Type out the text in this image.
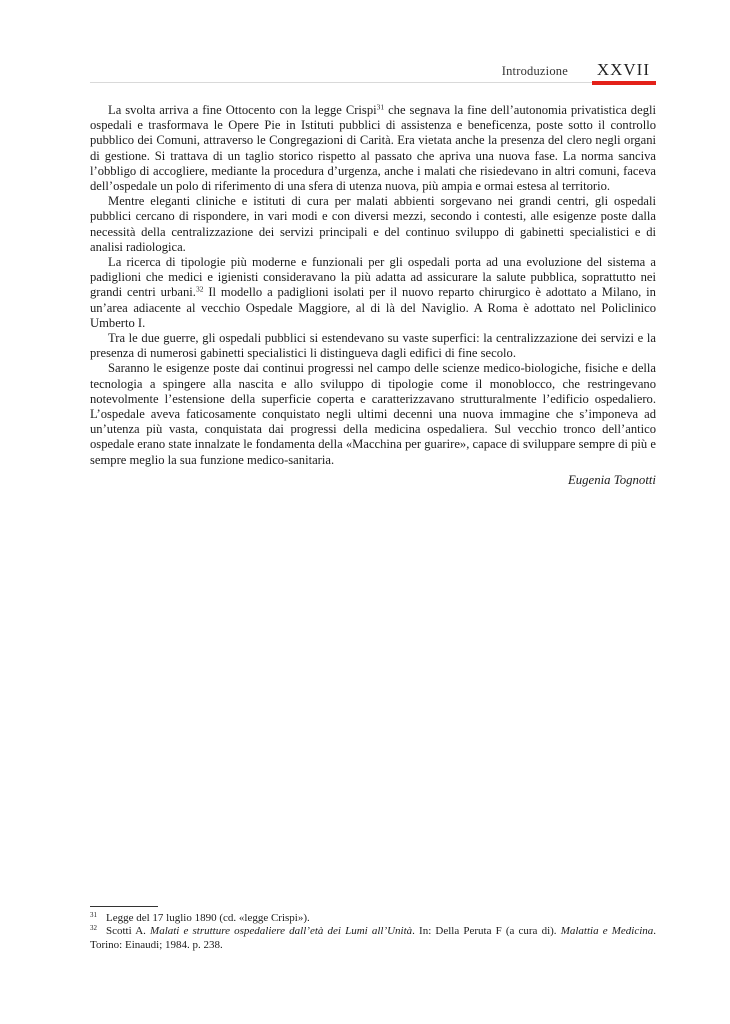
Introduzione XXVII

La svolta arriva a fine Ottocento con la legge Crispi$^{31}$ che segnava la fine dell’autonomia privatistica degli ospedali e trasformava le Opere Pie in Istituti pubblici di assistenza e beneficenza, poste sotto il controllo pubblico dei Comuni, attraverso le Congregazioni di Carità. Era vietata anche la presenza del clero negli organi di gestione. Si trattava di un taglio storico rispetto al passato che apriva una nuova fase. La norma sanciva l’obbligo di accogliere, mediante la procedura d’urgenza, anche i malati che risiedevano in altri comuni, faceva dell’ospedale un polo di riferimento di una sfera di utenza nuova, più ampia e ormai estesa al territorio.

Mentre eleganti cliniche e istituti di cura per malati abbienti sorgevano nei grandi centri, gli ospedali pubblici cercano di rispondere, in vari modi e con diversi mezzi, secondo i contesti, alle esigenze poste dalla necessità della centralizzazione dei servizi principali e del continuo sviluppo di gabinetti specialistici e di analisi radiologica.

La ricerca di tipologie più moderne e funzionali per gli ospedali porta ad una evoluzione del sistema a padiglioni che medici e igienisti consideravano la più adatta ad assicurare la salute pubblica, soprattutto nei grandi centri urbani.$^{32}$ Il modello a padiglioni isolati per il nuovo reparto chirurgico è adottato a Milano, in un’area adiacente al vecchio Ospedale Maggiore, al di là del Naviglio. A Roma è adottato nel Policlinico Umberto I.

Tra le due guerre, gli ospedali pubblici si estendevano su vaste superfici: la centralizzazione dei servizi e la presenza di numerosi gabinetti specialistici li distingueva dagli edifici di fine secolo.

Saranno le esigenze poste dai continui progressi nel campo delle scienze medico-biologiche, fisiche e della tecnologia a spingere alla nascita e allo sviluppo di tipologie come il monoblocco, che restringevano notevolmente l’estensione della superficie coperta e caratterizzavano strutturalmente l’edificio ospedaliero. L’ospedale aveva faticosamente conquistato negli ultimi decenni una nuova immagine che s’imponeva ad un’utenza più vasta, conquistata dai progressi della medicina ospedaliera. Sul vecchio tronco dell’antico ospedale erano state innalzate le fondamenta della «Macchina per guarire», capace di sviluppare sempre di più e sempre meglio la sua funzione medico-sanitaria.

Eugenia Tognotti

$^{31}$ Legge del 17 luglio 1890 (cd. «legge Crispi»).

$^{32}$ Scotti A. Malati e strutture ospedaliere dall’età dei Lumi all’Unità. In: Della Peruta F (a cura di). Malattia e Medicina. Torino: Einaudi; 1984. p. 238.
